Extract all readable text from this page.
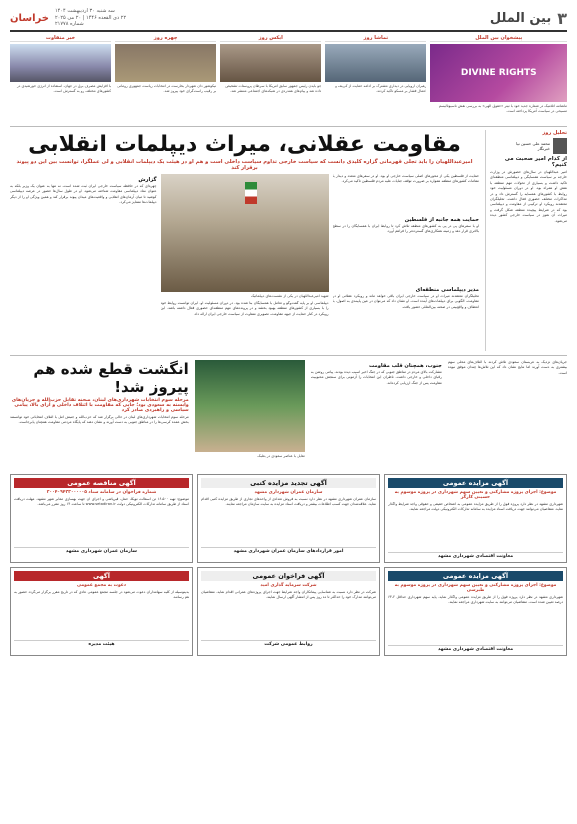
۳
بین الملل
سه شنبه ۳۰ اردیبهشت ۱۴۰۴
۲۲ ذی القعده ۱۴۴۶ | ۲۰ می ۲۰۲۵
شماره ۲۱۷۷۸
خراسان
پیشخوان بین الملل
DIVINE RIGHTS
ماهنامه آتلانتیک در شماره جدید خود با تیتر «حقوق الهی» به بررسی نقش ناسیونالیسم مسیحی در سیاست آمریکا پرداخته است.
تماشا روز
رهبران اروپایی در دیداری مشترک بر ادامه حمایت از کی‌یف و اعمال فشار بر مسکو تاکید کردند.
ایکس روز
جو بایدن رئیس جمهور سابق آمریکا با سرطان پروستات تشخیص داده شد و پیام‌های همدردی در شبکه‌های اجتماعی منتشر شد.
چهره روز
نیکوشور دان شهردار بخارست در انتخابات ریاست جمهوری رومانی بر رقیب راست‌گرای خود پیروز شد.
خبر متفاوت
با افزایش مصرف برق در جهان، استفاده از انرژی خورشیدی در کشورهای مختلف رو به گسترش است.
تحلیل روز
محمد علی حسین نیا
خبرنگار
از کدام امیر صحبت می کنیم؟
امیر عبداللهیان در سال‌های حضورش در وزارت خارجه بر سیاست همسایگی و دیپلماسی منطقه‌ای تاکید داشت و بسیاری از تحولات مهم منطقه با نقش او همراه بود. او در دوران مسئولیت خود روابط با کشورهای همسایه را گسترش داد و در مذاکرات مختلف حضوری فعال داشت. تحلیلگران معتقدند رویکرد او ترکیبی از مقاومت و دیپلماسی بود که در شرایط پیچیده منطقه شکل گرفت و میراث آن هنوز در سیاست خارجی کشور دیده می‌شود.
مقاومت عقلانی، میراث دیپلمات انقلابی
امیرعبداللهیان را باید تجلی قهرمانی گزاره کلیدی دانست که سیاست خارجی تداوم سیاست داخلی است و هم او در هیئت یک دیپلمات انقلابی و لی عملگرا، توانست بین این دو پیوند برقرار کند
حمایت از فلسطین یکی از محورهای اصلی سیاست خارجی او بود. او در سفرهای متعدد و دیدار با مقامات کشورهای منطقه همواره بر ضرورت توقف جنایات علیه مردم فلسطین تاکید می‌کرد.
حمایت همه جانبه از فلسطین
او با سفرهای پی در پی به کشورهای منطقه تلاش کرد تا روابط ایران با همسایگان را در سطح بالاتری قرار دهد و زمینه همکاری‌های گسترده‌تر را فراهم آورد.
مدیر دیپلماسی منطقه‌ای
تحلیلگران معتقدند میراث او در سیاست خارجی ایران باقی خواهد ماند و رویکرد عقلانی او در مقاومت، الگویی برای دیپلمات‌های آینده است. او نشان داد که می‌توان در عین پایبندی به اصول، با انعطاف و واقع‌بینی در صحنه بین‌المللی حضور یافت.
شهید امیرعبداللهیان در یکی از نشست‌های دیپلماتیک
دیپلماسی او بر پایه گفت‌وگو و تعامل با همسایگان بنا شده بود. در دوران مسئولیت او، ایران توانست روابط خود را با بسیاری از کشورهای منطقه بهبود بخشد و در پرونده‌های مهم منطقه‌ای حضوری فعال داشته باشد. این رویکرد در کنار حمایت از جبهه مقاومت، تصویری متفاوت از سیاست خارجی ایران ارائه داد.
گزارش
چهره‌ای که در حافظه سیاست خارجی ایران ثبت شده است، نه تنها به عنوان یک وزیر بلکه به عنوان نماد دیپلماسی مقاومت شناخته می‌شود. او در طول سال‌ها حضور در عرصه دیپلماسی کوشید تا میان آرمان‌های انقلابی و واقعیت‌های میدان پیوند برقرار کند و همین ویژگی او را از دیگر دیپلمات‌ها متمایز می‌کرد.
جریان‌های نزدیک به عربستان سعودی تلاش کردند با ائتلاف‌های محلی سهم بیشتری به دست آورند اما نتایج نشان داد که این تلاش‌ها چندان موفق نبوده است.
جنوب، همچنان قلب مقاومت
مشارکت بالای مردم در مناطق جنوبی که در جنگ اخیر آسیب دیده بودند، پیامی روشن به رقبای داخلی و خارجی داشت. ناظران این انتخابات را آزمونی برای سنجش محبوبیت مقاومت پس از جنگ ارزیابی کرده‌اند.
تقابل با عناصر سعودی در بعلبک
انگشت قطع شده هم پیروز شد!
مرحله سوم انتخابات شهرداری‌های لبنان، صحنه تقابل حزب‌الله و جریان‌های وابسته به سعودی بود؛ جایی که مقاومت با ائتلاف داخلی و آرای بالا، پیامی سیاسی و راهبردی صادر کرد
مرحله سوم انتخابات شهرداری‌های لبنان در حالی برگزار شد که حزب‌الله و جنبش امل با ائتلاف انتخاباتی خود توانستند بخش عمده کرسی‌ها را در مناطق جنوبی به دست آورند و نشان دهند که پایگاه مردمی مقاومت همچنان پابرجاست.
آگهی مزایده عمومی
موضوع: اجرای پروژه مشارکتی و تعیین سهم شهرداری در پروژه موسوم به حسینی کارگر
شهرداری مشهد در نظر دارد پروژه فوق را از طریق مزایده عمومی به اشخاص حقیقی و حقوقی واجد شرایط واگذار نماید. متقاضیان می‌توانند جهت دریافت اسناد مزایده به سامانه تدارکات الکترونیکی دولت مراجعه نمایند.
معاونت اقتصادی شهرداری مشهد
آگهی تجدید مزایده کتبی
سازمان عمران شهرداری مشهد
سازمان عمران شهرداری مشهد در نظر دارد نسبت به فروش تعدادی از واحدهای تجاری از طریق مزایده کتبی اقدام نماید. علاقه‌مندان جهت کسب اطلاعات بیشتر و دریافت اسناد مزایده به سایت سازمان مراجعه نمایند.
امور قراردادهای سازمان عمران شهرداری مشهد
آگهی مناقصه عمومی
شماره فراخوان در سامانه ستاد ۲۰۰۴۰۹۴۳۳۰۰۰۰۰۵
موضوع: تهیه ۱۶،۵۰۰ تن آسفالت توپکا، حمل، قیرپاشی و اجرای آن جهت بهسازی معابر شهر مشهد. مهلت دریافت اسناد از طریق سامانه تدارکات الکترونیکی دولت www.setadiran.ir تا ساعت ۱۴ روز مقرر می‌باشد.
سازمان عمران شهرداری مشهد
آگهی مزایده عمومی
موضوع: اجرای پروژه مشارکتی و تعیین سهم شهرداری در پروژه موسوم به طبرسی
شهرداری مشهد در نظر دارد پروژه فوق را از طریق مزایده عمومی واگذار نماید. پایه سهم شهرداری حداقل ۶۳،۲ درصد تعیین شده است. متقاضیان می‌توانند به سایت شهرداری مراجعه نمایند.
معاونت اقتصادی شهرداری مشهد
آگهی فراخوان عمومی
شرکت سرمایه گذاری امید
شرکت در نظر دارد نسبت به شناسایی پیمانکاران واجد شرایط جهت اجرای پروژه‌های عمرانی اقدام نماید. متقاضیان می‌توانند مدارک خود را حداکثر تا ده روز پس از انتشار آگهی ارسال نمایند.
روابط عمومی شرکت
آگهی
دعوت به مجمع عمومی
بدینوسیله از کلیه سهامداران دعوت می‌شود در جلسه مجمع عمومی عادی که در تاریخ مقرر برگزار می‌گردد حضور به هم رسانند.
هیئت مدیره
